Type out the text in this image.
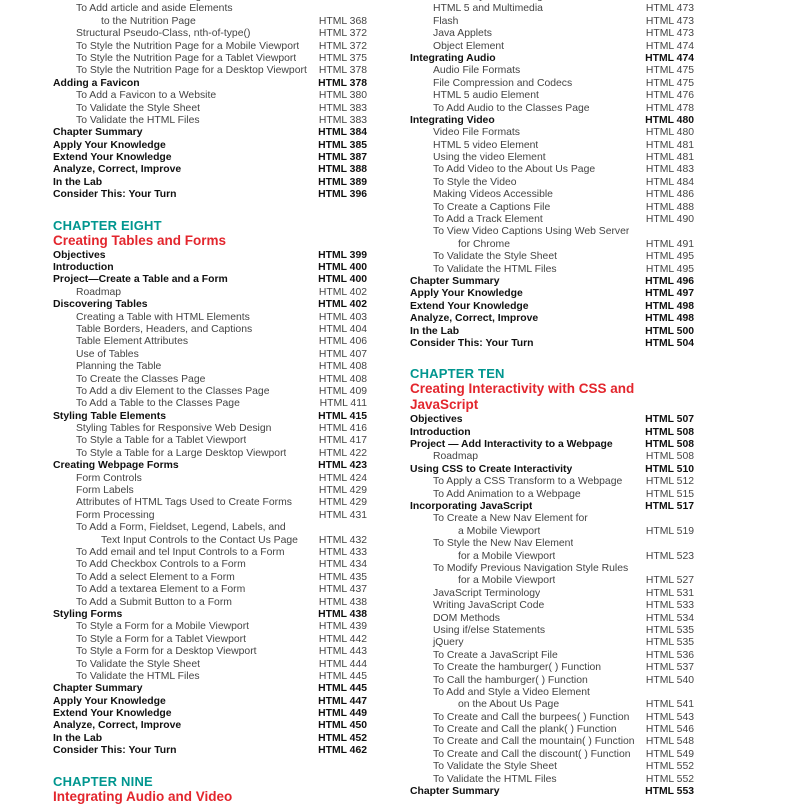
To Add article and aside Elements
to the Nutrition Page	HTML 368
Structural Pseudo-Class, nth-of-type()	HTML 372
To Style the Nutrition Page for a Mobile Viewport	HTML 372
To Style the Nutrition Page for a Tablet Viewport	HTML 375
To Style the Nutrition Page for a Desktop Viewport	HTML 378
Adding a Favicon	HTML 378
To Add a Favicon to a Website	HTML 380
To Validate the Style Sheet	HTML 383
To Validate the HTML Files	HTML 383
Chapter Summary	HTML 384
Apply Your Knowledge	HTML 385
Extend Your Knowledge	HTML 387
Analyze, Correct, Improve	HTML 388
In the Lab	HTML 389
Consider This: Your Turn	HTML 396
CHAPTER EIGHT
Creating Tables and Forms
Objectives	HTML 399
Introduction	HTML 400
Project—Create a Table and a Form	HTML 400
Roadmap	HTML 402
Discovering Tables	HTML 402
Creating a Table with HTML Elements	HTML 403
Table Borders, Headers, and Captions	HTML 404
Table Element Attributes	HTML 406
Use of Tables	HTML 407
Planning the Table	HTML 408
To Create the Classes Page	HTML 408
To Add a div Element to the Classes Page	HTML 409
To Add a Table to the Classes Page	HTML 411
Styling Table Elements	HTML 415
Styling Tables for Responsive Web Design	HTML 416
To Style a Table for a Tablet Viewport	HTML 417
To Style a Table for a Large Desktop Viewport	HTML 422
Creating Webpage Forms	HTML 423
Form Controls	HTML 424
Form Labels	HTML 429
Attributes of HTML Tags Used to Create Forms	HTML 429
Form Processing	HTML 431
To Add a Form, Fieldset, Legend, Labels, and
Text Input Controls to the Contact Us Page	HTML 432
To Add email and tel Input Controls to a Form	HTML 433
To Add Checkbox Controls to a Form	HTML 434
To Add a select Element to a Form	HTML 435
To Add a textarea Element to a Form	HTML 437
To Add a Submit Button to a Form	HTML 438
Styling Forms	HTML 438
To Style a Form for a Mobile Viewport	HTML 439
To Style a Form for a Tablet Viewport	HTML 442
To Style a Form for a Desktop Viewport	HTML 443
To Validate the Style Sheet	HTML 444
To Validate the HTML Files	HTML 445
Chapter Summary	HTML 445
Apply Your Knowledge	HTML 447
Extend Your Knowledge	HTML 449
Analyze, Correct, Improve	HTML 450
In the Lab	HTML 452
Consider This: Your Turn	HTML 462
CHAPTER NINE
Integrating Audio and Video
HTML 5 and Multimedia	HTML 473
Flash	HTML 473
Java Applets	HTML 473
Object Element	HTML 474
Integrating Audio	HTML 474
Audio File Formats	HTML 475
File Compression and Codecs	HTML 475
HTML 5 audio Element	HTML 476
To Add Audio to the Classes Page	HTML 478
Integrating Video	HTML 480
Video File Formats	HTML 480
HTML 5 video Element	HTML 481
Using the video Element	HTML 481
To Add Video to the About Us Page	HTML 483
To Style the Video	HTML 484
Making Videos Accessible	HTML 486
To Create a Captions File	HTML 488
To Add a Track Element	HTML 490
To View Video Captions Using Web Server
for Chrome	HTML 491
To Validate the Style Sheet	HTML 495
To Validate the HTML Files	HTML 495
Chapter Summary	HTML 496
Apply Your Knowledge	HTML 497
Extend Your Knowledge	HTML 498
Analyze, Correct, Improve	HTML 498
In the Lab	HTML 500
Consider This: Your Turn	HTML 504
CHAPTER TEN
Creating Interactivity with CSS and JavaScript
Objectives	HTML 507
Introduction	HTML 508
Project — Add Interactivity to a Webpage	HTML 508
Roadmap	HTML 508
Using CSS to Create Interactivity	HTML 510
To Apply a CSS Transform to a Webpage	HTML 512
To Add Animation to a Webpage	HTML 515
Incorporating JavaScript	HTML 517
To Create a New Nav Element for
a Mobile Viewport	HTML 519
To Style the New Nav Element
for a Mobile Viewport	HTML 523
To Modify Previous Navigation Style Rules
for a Mobile Viewport	HTML 527
JavaScript Terminology	HTML 531
Writing JavaScript Code	HTML 533
DOM Methods	HTML 534
Using if/else Statements	HTML 535
jQuery	HTML 535
To Create a JavaScript File	HTML 536
To Create the hamburger( ) Function	HTML 537
To Call the hamburger( ) Function	HTML 540
To Add and Style a Video Element
on the About Us Page	HTML 541
To Create and Call the burpees( ) Function	HTML 543
To Create and Call the plank( ) Function	HTML 546
To Create and Call the mountain( ) Function	HTML 548
To Create and Call the discount( ) Function	HTML 549
To Validate the Style Sheet	HTML 552
To Validate the HTML Files	HTML 552
Chapter Summary	HTML 553
